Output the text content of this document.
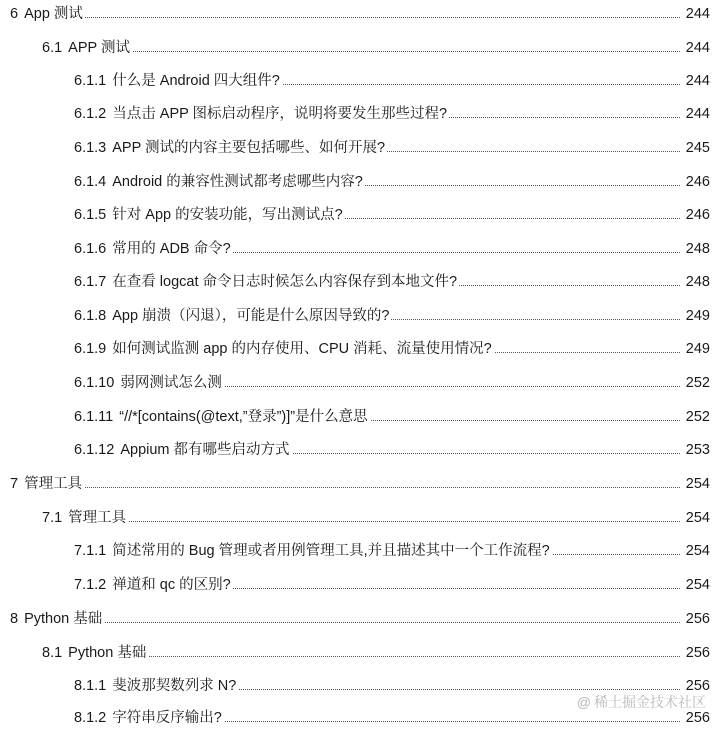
6 App 测试	244
6.1 APP 测试	244
6.1.1 什么是 Android 四大组件?	244
6.1.2 当点击 APP 图标启动程序，说明将要发生那些过程?	244
6.1.3 APP 测试的内容主要包括哪些、如何开展?	245
6.1.4 Android 的兼容性测试都考虑哪些内容?	246
6.1.5 针对 App 的安装功能，写出测试点?	246
6.1.6 常用的 ADB 命令?	248
6.1.7 在查看 logcat 命令日志时候怎么内容保存到本地文件?	248
6.1.8 App 崩溃（闪退），可能是什么原因导致的?	249
6.1.9 如何测试监测 app 的内存使用、CPU 消耗、流量使用情况?	249
6.1.10 弱网测试怎么测	252
6.1.11 “//*[contains(@text,”登录”)]”是什么意思	252
6.1.12 Appium 都有哪些启动方式	253
7 管理工具	254
7.1 管理工具	254
7.1.1 简述常用的 Bug 管理或者用例管理工具,并且描述其中一个工作流程?	254
7.1.2 禅道和 qc 的区别?	254
8 Python 基础	256
8.1 Python 基础	256
8.1.1 斐波那契数列求 N?	256
8.1.2 字符串反序输出?	256
@ 稀土掘金技术社区
